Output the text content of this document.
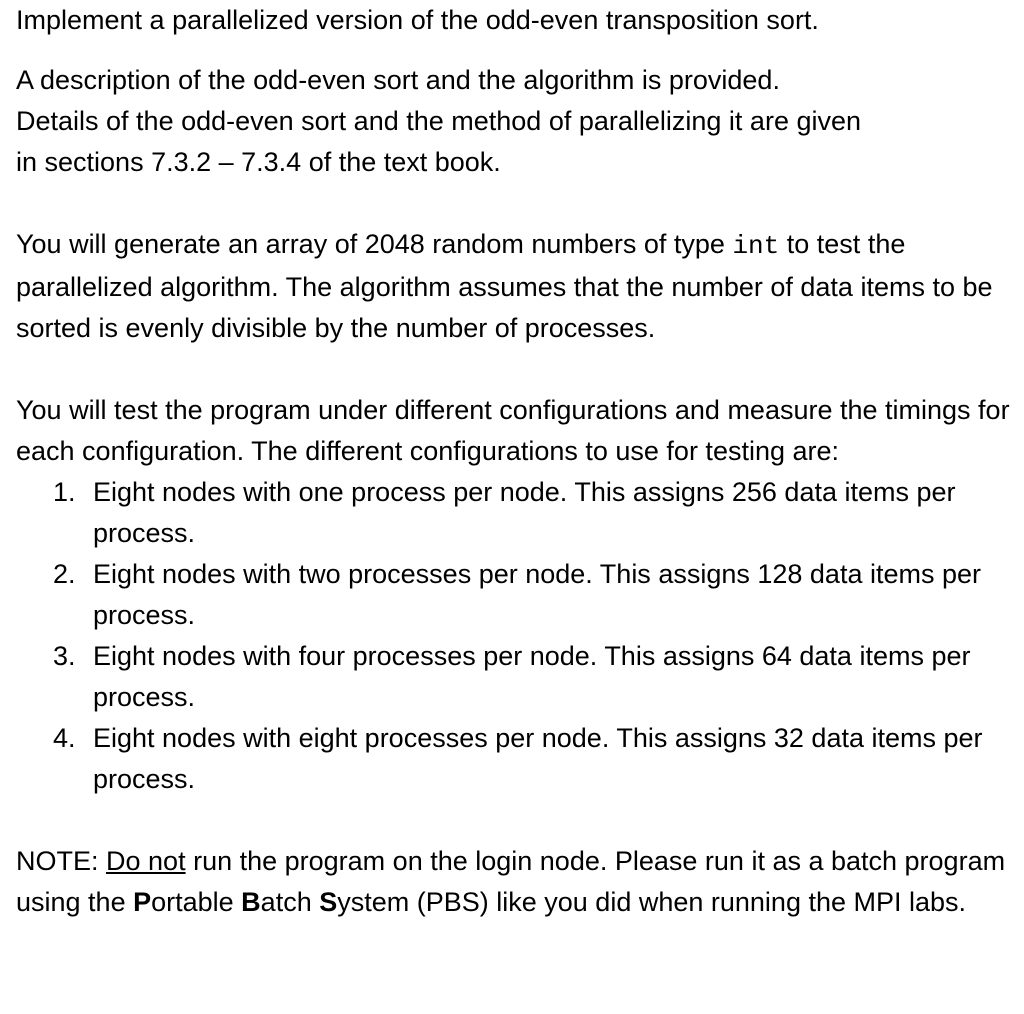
Implement a parallelized version of the odd-even transposition sort.

A description of the odd-even sort and the algorithm is provided.
Details of the odd-even sort and the method of parallelizing it are given
in sections 7.3.2 – 7.3.4 of the text book.

You will generate an array of 2048 random numbers of type int to test the parallelized algorithm. The algorithm assumes that the number of data items to be sorted is evenly divisible by the number of processes.

You will test the program under different configurations and measure the timings for each configuration. The different configurations to use for testing are:

1. Eight nodes with one process per node. This assigns 256 data items per process.
2. Eight nodes with two processes per node. This assigns 128 data items per process.
3. Eight nodes with four processes per node. This assigns 64 data items per process.
4. Eight nodes with eight processes per node. This assigns 32 data items per process.

NOTE: Do not run the program on the login node. Please run it as a batch program using the Portable Batch System (PBS) like you did when running the MPI labs.
